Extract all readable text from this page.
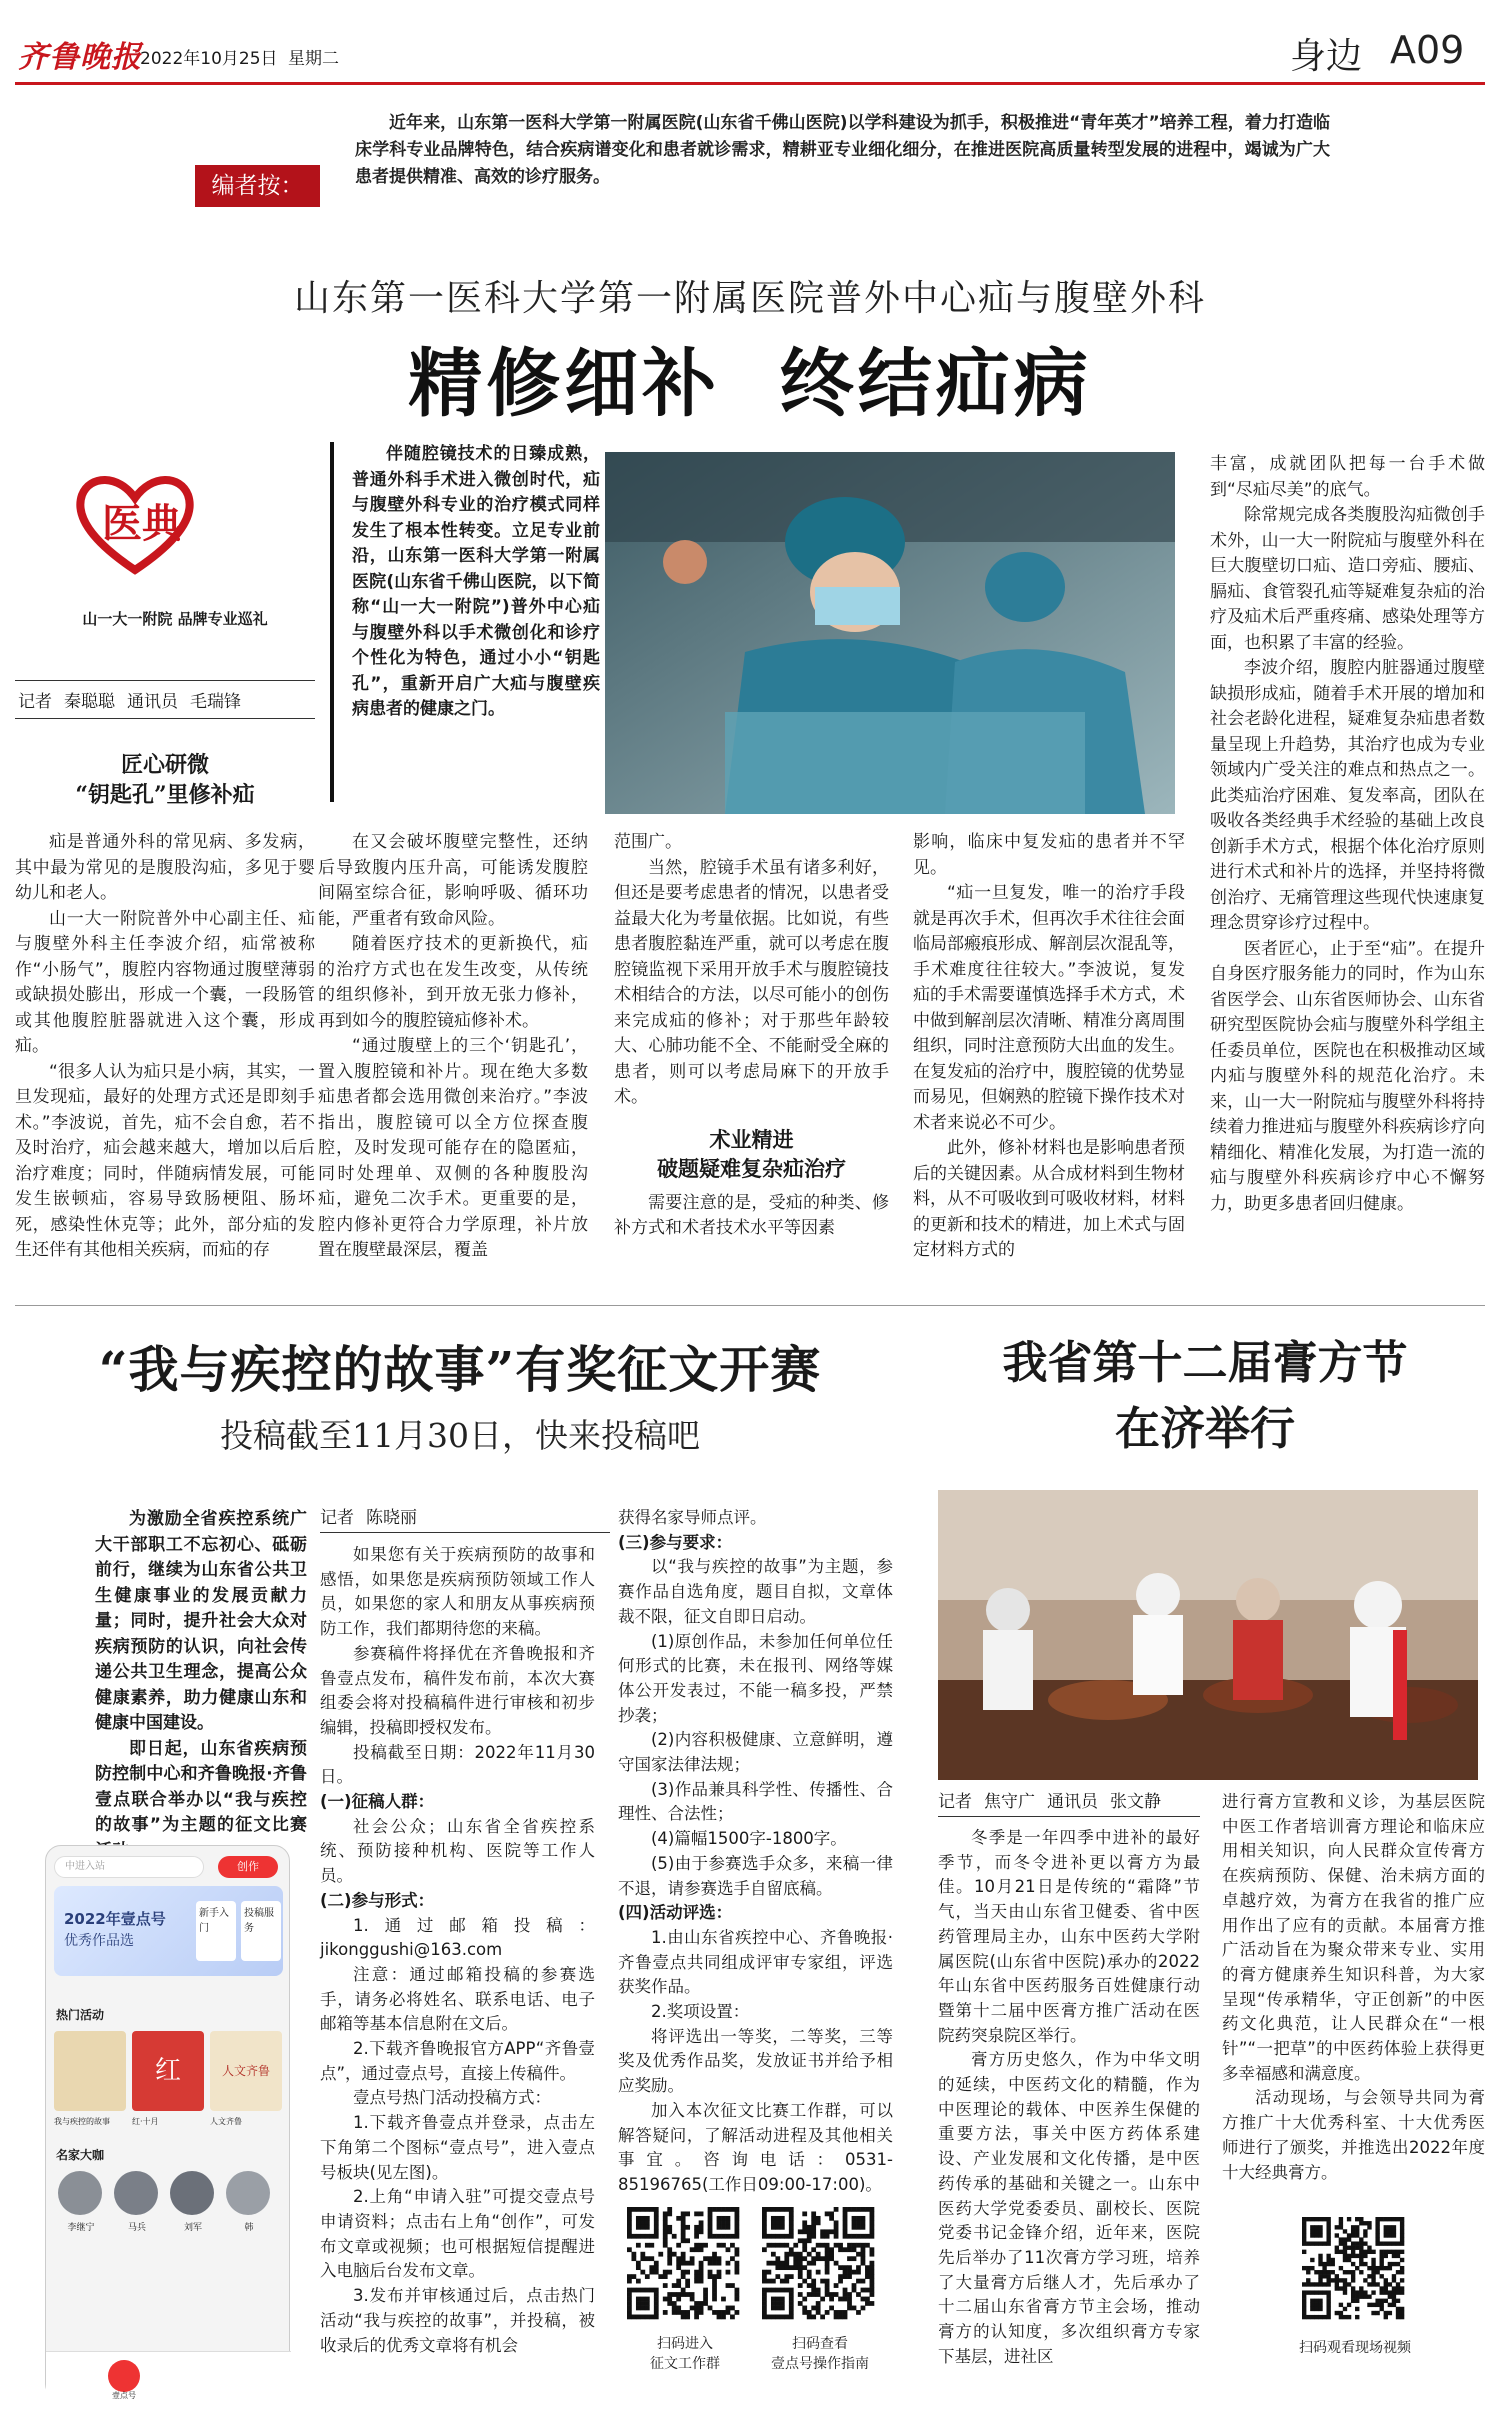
齐鲁晚报
2022年10月25日 星期二	身边 A09
编者按：
近年来，山东第一医科大学第一附属医院(山东省千佛山医院)以学科建设为抓手，积极推进“青年英才”培养工程，着力打造临床学科专业品牌特色，结合疾病谱变化和患者就诊需求，精耕亚专业细化细分，在推进医院高质量转型发展的进程中，竭诚为广大患者提供精准、高效的诊疗服务。
山东第一医科大学第一附属医院普外中心疝与腹壁外科
精修细补  终结疝病
医典
山一大一附院 品牌专业巡礼
记者 秦聪聪 通讯员 毛瑞锋
匠心研微
“钥匙孔”里修补疝
伴随腔镜技术的日臻成熟，普通外科手术进入微创时代，疝与腹壁外科专业的治疗模式同样发生了根本性转变。立足专业前沿，山东第一医科大学第一附属医院(山东省千佛山医院，以下简称“山一大一附院”)普外中心疝与腹壁外科以手术微创化和诊疗个性化为特色，通过小小“钥匙孔”，重新开启广大疝与腹壁疾病患者的健康之门。

疝是普通外科的常见病、多发病，其中最为常见的是腹股沟疝，多见于婴幼儿和老人。

山一大一附院普外中心副主任、疝与腹壁外科主任李波介绍，疝常被称作“小肠气”，腹腔内容物通过腹壁薄弱或缺损处膨出，形成一个囊，一段肠管或其他腹腔脏器就进入这个囊，形成疝。

“很多人认为疝只是小病，其实，一旦发现疝，最好的处理方式还是即刻手术。”李波说，首先，疝不会自愈，若不及时治疗，疝会越来越大，增加以后后治疗难度；同时，伴随病情发展，可能发生嵌顿疝，容易导致肠梗阻、肠坏死，感染性休克等；此外，部分疝的发生还伴有其他相关疾病，而疝的存

在又会破坏腹壁完整性，还纳后导致腹内压升高，可能诱发腹腔间隔室综合征，影响呼吸、循环功能，严重者有致命风险。

随着医疗技术的更新换代，疝的治疗方式也在发生改变，从传统的组织修补，到开放无张力修补，再到如今的腹腔镜疝修补术。

“通过腹壁上的三个‘钥匙孔’，置入腹腔镜和补片。现在绝大多数疝患者都会选用微创来治疗。”李波指出，腹腔镜可以全方位探查腹腔，及时发现可能存在的隐匿疝，同时处理单、双侧的各种腹股沟疝，避免二次手术。更重要的是，腔内修补更符合力学原理，补片放置在腹壁最深层，覆盖

范围广。

当然，腔镜手术虽有诸多利好，但还是要考虑患者的情况，以患者受益最大化为考量依据。比如说，有些患者腹腔黏连严重，就可以考虑在腹腔镜监视下采用开放手术与腹腔镜技术相结合的方法，以尽可能小的创伤来完成疝的修补；对于那些年龄较大、心肺功能不全、不能耐受全麻的患者，则可以考虑局麻下的开放手术。

术业精进
破题疑难复杂疝治疗

需要注意的是，受疝的种类、修补方式和术者技术水平等因素

影响，临床中复发疝的患者并不罕见。

“疝一旦复发，唯一的治疗手段就是再次手术，但再次手术往往会面临局部瘢痕形成、解剖层次混乱等，手术难度往往较大。”李波说，复发疝的手术需要谨慎选择手术方式，术中做到解剖层次清晰、精准分离周围组织，同时注意预防大出血的发生。在复发疝的治疗中，腹腔镜的优势显而易见，但娴熟的腔镜下操作技术对术者来说必不可少。

此外，修补材料也是影响患者预后的关键因素。从合成材料到生物材料，从不可吸收到可吸收材料，材料的更新和技术的精进，加上术式与固定材料方式的

丰富，成就团队把每一台手术做到“尽疝尽美”的底气。

除常规完成各类腹股沟疝微创手术外，山一大一附院疝与腹壁外科在巨大腹壁切口疝、造口旁疝、腰疝、膈疝、食管裂孔疝等疑难复杂疝的治疗及疝术后严重疼痛、感染处理等方面，也积累了丰富的经验。

李波介绍，腹腔内脏器通过腹壁缺损形成疝，随着手术开展的增加和社会老龄化进程，疑难复杂疝患者数量呈现上升趋势，其治疗也成为专业领域内广受关注的难点和热点之一。此类疝治疗困难、复发率高，团队在吸收各类经典手术经验的基础上改良创新手术方式，根据个体化治疗原则进行术式和补片的选择，并坚持将微创治疗、无痛管理这些现代快速康复理念贯穿诊疗过程中。

医者匠心，止于至“疝”。在提升自身医疗服务能力的同时，作为山东省医学会、山东省医师协会、山东省研究型医院协会疝与腹壁外科学组主任委员单位，医院也在积极推动区域内疝与腹壁外科的规范化治疗。未来，山一大一附院疝与腹壁外科将持续着力推进疝与腹壁外科疾病诊疗向精细化、精准化发展，为打造一流的疝与腹壁外科疾病诊疗中心不懈努力，助更多患者回归健康。

“我与疾控的故事”有奖征文开赛
投稿截至11月30日，快来投稿吧

为激励全省疾控系统广大干部职工不忘初心、砥砺前行，继续为山东省公共卫生健康事业的发展贡献力量；同时，提升社会大众对疾病预防的认识，向社会传递公共卫生理念，提高公众健康素养，助力健康山东和健康中国建设。

即日起，山东省疾病预防控制中心和齐鲁晚报·齐鲁壹点联合举办以“我与疾控的故事”为主题的征文比赛

中进入站	创作
2022年壹点号
优秀作品选
新手入门
投稿服务
热门活动
红	人文齐鲁
我与疾控的故事	红·十月	人文齐鲁
名家大咖
李继宁	马兵	刘军	韩
壹点号
记者 陈晓丽

如果您有关于疾病预防的故事和感悟，如果您是疾病预防领域工作人员，如果您的家人和朋友从事疾病预防工作，我们都期待您的来稿。

参赛稿件将择优在齐鲁晚报和齐鲁壹点发布，稿件发布前，本次大赛组委会将对投稿稿件进行审核和初步编辑，投稿即授权发布。

投稿截至日期：2022年11月30日。

(一)征稿人群：

社会公众；山东省全省疾控系统、预防接种机构、医院等工作人员。

(二)参与形式：

1.通过邮箱投稿：jikonggushi@163.com

注意：通过邮箱投稿的参赛选手，请务必将姓名、联系电话、电子邮箱等基本信息附在文后。

2.下载齐鲁晚报官方APP“齐鲁壹点”，通过壹点号，直接上传稿件。

壹点号热门活动投稿方式：

1.下载齐鲁壹点并登录，点击左下角第二个图标“壹点号”，进入壹点号板块(见左图)。

2.上角“申请入驻”可提交壹点号申请资料；点击右上角“创作”，可发布文章或视频；也可根据短信提醒进入电脑后台发布文章。

3.发布并审核通过后，点击热门活动“我与疾控的故事”，并投稿，被收录后的优秀文章将有机会

获得名家导师点评。

(三)参与要求：

以“我与疾控的故事”为主题，参赛作品自选角度，题目自拟，文章体裁不限，征文自即日启动。

(1)原创作品，未参加任何单位任何形式的比赛，未在报刊、网络等媒体公开发表过，不能一稿多投，严禁抄袭；

(2)内容积极健康、立意鲜明，遵守国家法律法规；

(3)作品兼具科学性、传播性、合理性、合法性；

(4)篇幅1500字-1800字。

(5)由于参赛选手众多，来稿一律不退，请参赛选手自留底稿。

(四)活动评选：

1.由山东省疾控中心、齐鲁晚报·齐鲁壹点共同组成评审专家组，评选获奖作品。

2.奖项设置：

将评选出一等奖，二等奖，三等奖及优秀作品奖，发放证书并给予相应奖励。

加入本次征文比赛工作群，可以解答疑问，了解活动进程及其他相关事宜。咨询电话：0531-85196765(工作日09:00-17:00)。

扫码进入
征文工作群
扫码查看
壹点号操作指南
我省第十二届膏方节
在济举行
记者 焦守广 通讯员 张文静

冬季是一年四季中进补的最好季节，而冬令进补更以膏方为最佳。10月21日是传统的“霜降”节气，当天由山东省卫健委、省中医药管理局主办，山东中医药大学附属医院(山东省中医院)承办的2022年山东省中医药服务百姓健康行动暨第十二届中医膏方推广活动在医院药突泉院区举行。

膏方历史悠久，作为中华文明的延续，中医药文化的精髓，作为中医理论的载体、中医养生保健的重要方法，事关中医方药体系建设、产业发展和文化传播，是中医药传承的基础和关键之一。山东中医药大学党委委员、副校长、医院党委书记金锋介绍，近年来，医院先后举办了11次膏方学习班，培养了大量膏方后继人才，先后承办了十二届山东省膏方节主会场，推动膏方的认知度，多次组织膏方专家下基层，进社区

进行膏方宣教和义诊，为基层医院中医工作者培训膏方理论和临床应用相关知识，向人民群众宣传膏方在疾病预防、保健、治未病方面的卓越疗效，为膏方在我省的推广应用作出了应有的贡献。本届膏方推广活动旨在为聚众带来专业、实用的膏方健康养生知识科普，为大家呈现“传承精华，守正创新”的中医药文化典范，让人民群众在“一根针”“一把草”的中医药体验上获得更多幸福感和满意度。

活动现场，与会领导共同为膏方推广十大优秀科室、十大优秀医师进行了颁奖，并推选出2022年度十大经典膏方。

扫码观看现场视频
